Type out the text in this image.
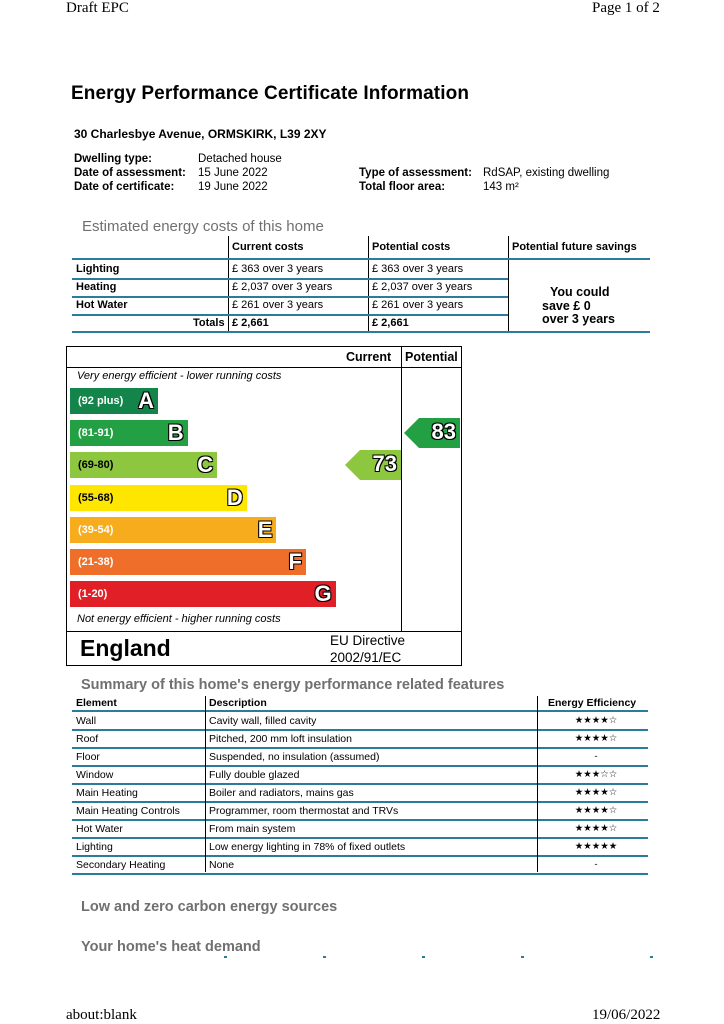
Draft EPC	Page 1 of 2
Energy Performance Certificate Information
30 Charlesbye Avenue, ORMSKIRK, L39 2XY
Dwelling type:	Detached house
Date of assessment: 15 June 2022
Date of certificate: 19 June 2022
Type of assessment: RdSAP, existing dwelling
Total floor area:	143 m²
Estimated energy costs of this home
Current costs	Potential costs	Potential future savings
Lighting	£ 363 over 3 years	£ 363 over 3 years
Heating	£ 2,037 over 3 years	£ 2,037 over 3 years
Hot Water	£ 261 over 3 years	£ 261 over 3 years
Totals £ 2,661	£ 2,661
You could
save £ 0
over 3 years
Current Potential
Very energy efficient - lower running costs
Not energy efficient - higher running costs
(92 plus) A
(81-91) B
(69-80)	C
(55-68)	D
(39-54)	E
(21-38)	F
(1-20)	G
73
83
England	EU Directive
2002/91/EC
Summary of this home's energy performance related features
Element	Description	Energy Efficiency
Wall	Cavity wall, filled cavity	★★★★☆
Roof	Pitched, 200 mm loft insulation	★★★★☆
Floor	Suspended, no insulation (assumed)	-
Window	Fully double glazed	★★★☆☆
Main Heating	Boiler and radiators, mains gas	★★★★☆
Main Heating Controls	Programmer, room thermostat and TRVs	★★★★☆
Hot Water	From main system	★★★★☆
Lighting	Low energy lighting in 78% of fixed outlets	★★★★★
Secondary Heating	None	-
Low and zero carbon energy sources
Your home's heat demand
about:blank	19/06/2022
